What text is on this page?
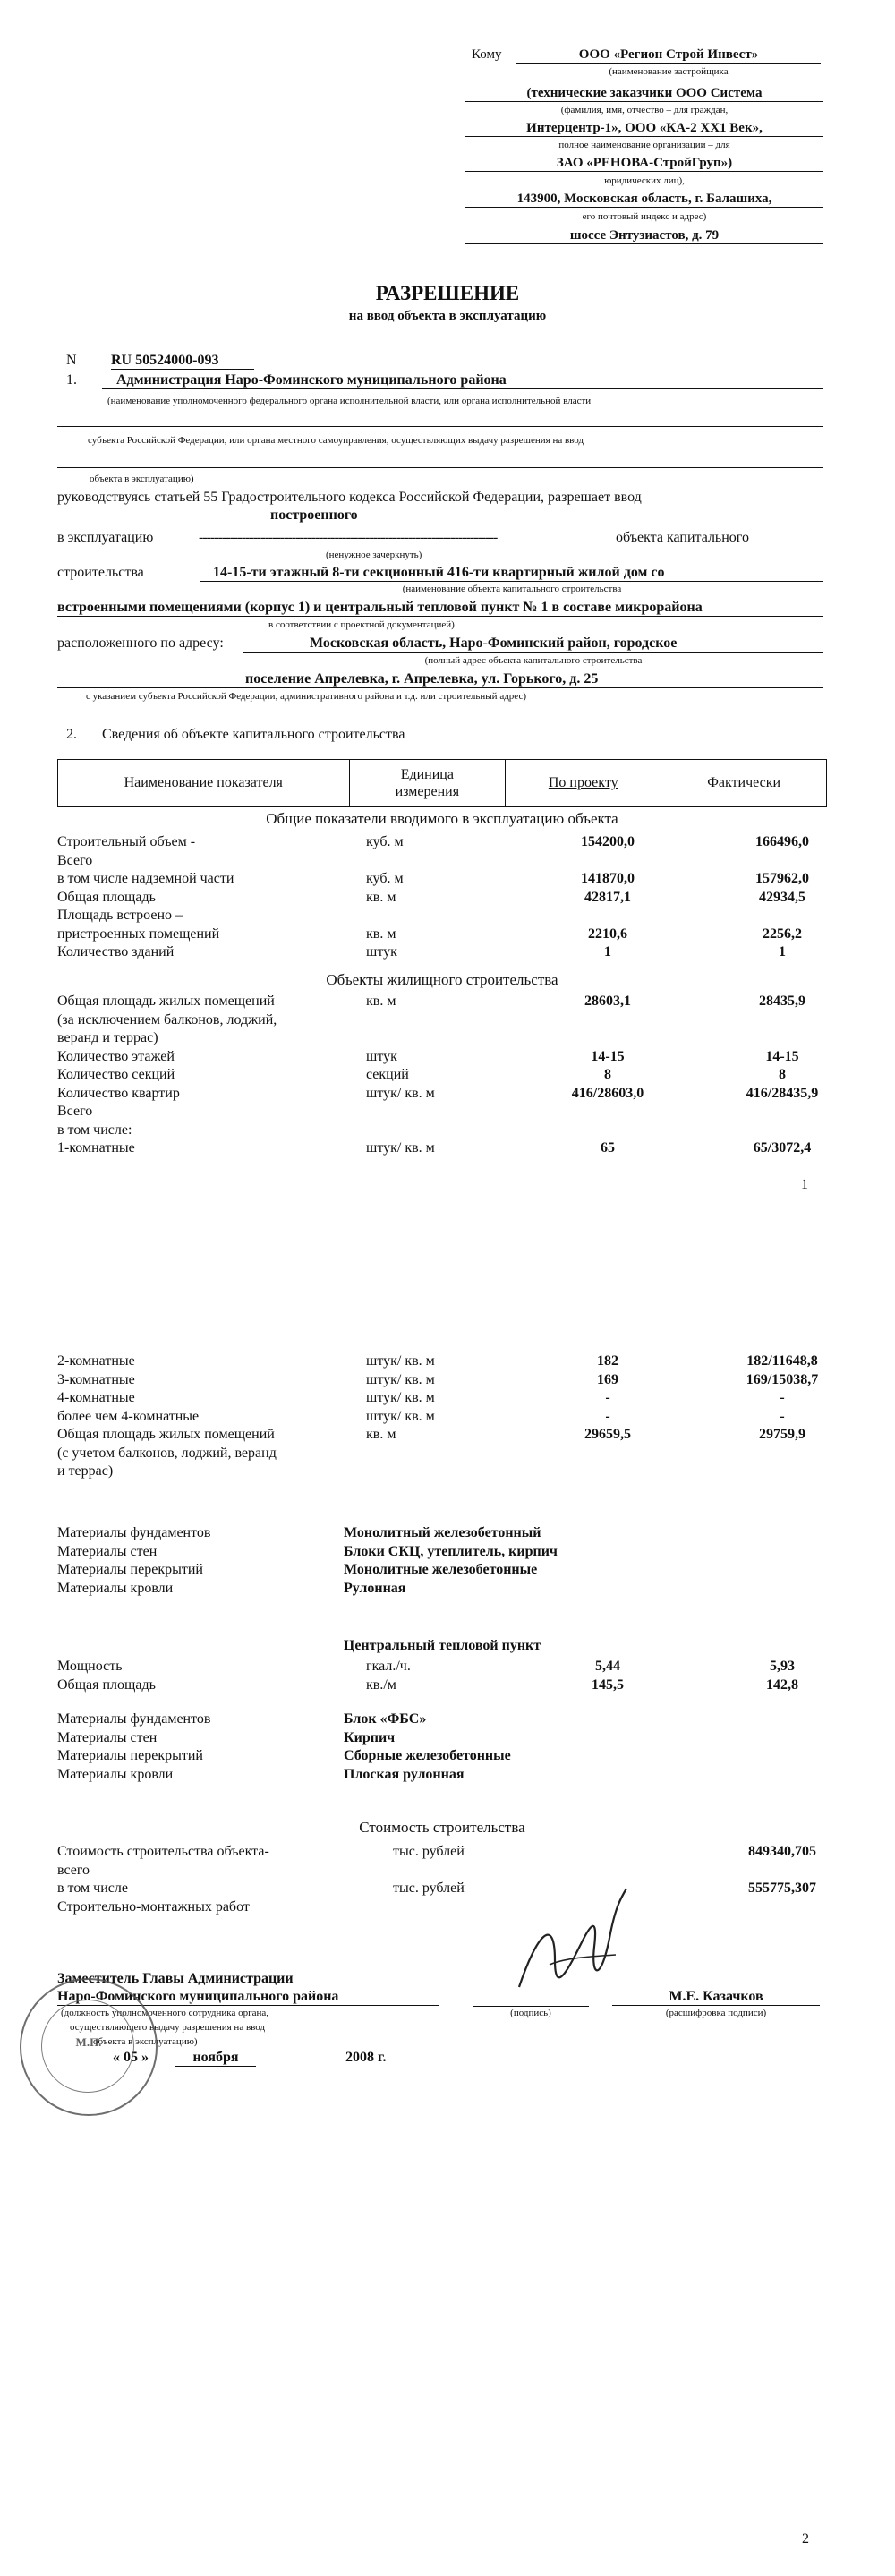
Кому	ООО «Регион Строй Инвест»
(наименование застройщика
(технические заказчики ООО Система
(фамилия, имя, отчество – для граждан,
Интерцентр-1», ООО «КА-2 XX1 Век»,
полное наименование организации – для
ЗАО «РЕНОВА-СтройГруп»)
юридических лиц),
143900, Московская область, г. Балашиха,
его почтовый индекс и адрес)
шоссе Энтузиастов, д. 79
РАЗРЕШЕНИЕ
на ввод объекта в эксплуатацию
N RU 50524000-093
1.	Администрация Наро-Фоминского муниципального района
(наименование уполномоченного федерального органа исполнительной власти, или органа исполнительной власти
субъекта Российской Федерации, или органа местного самоуправления, осуществляющих выдачу разрешения на ввод
объекта в эксплуатацию)
руководствуясь статьей 55 Градостроительного кодекса Российской Федерации, разрешает ввод
построенного
в эксплуатацию	-----------------------------------------------------------------------------	объекта капитального
(ненужное зачеркнуть)
строительства	14-15-ти этажный 8-ти секционный 416-ти квартирный жилой дом со
(наименование объекта капитального строительства
встроенными помещениями (корпус 1) и центральный тепловой пункт № 1 в составе микрорайона
в соответствии с проектной документацией)
расположенного по адресу:	Московская область, Наро-Фоминский район, городское
(полный адрес объекта капитального строительства
поселение Апрелевка, г. Апрелевка, ул. Горького, д. 25
с указанием субъекта Российской Федерации, административного района и т.д. или строительный адрес)
2. Сведения об объекте капитального строительства
Наименование показателя	Единица
измерения	По проекту	Фактически
Общие показатели вводимого в эксплуатацию объекта
Строительный объем -	куб. м	154200,0	166496,0
Всего
в том числе надземной части	куб. м	141870,0	157962,0
Общая площадь	кв. м	42817,1	42934,5
Площадь встроено –
пристроенных помещений	кв. м	2210,6	2256,2
Количество зданий	штук	1	1
Объекты жилищного строительства
Общая площадь жилых помещений	кв. м	28603,1	28435,9
(за исключением балконов, лоджий,
веранд и террас)
Количество этажей	штук	14-15	14-15
Количество секций	секций	8	8
Количество квартир	штук/ кв. м	416/28603,0	416/28435,9
Всего
в том числе:
1-комнатные	штук/ кв. м	65	65/3072,4
1
2-комнатные	штук/ кв. м	182	182/11648,8
3-комнатные	штук/ кв. м	169	169/15038,7
4-комнатные	штук/ кв. м	-	-
более чем 4-комнатные	штук/ кв. м	-	-
Общая площадь жилых помещений	кв. м	29659,5	29759,9
(с учетом балконов, лоджий, веранд
и террас)
Материалы фундаментов	Монолитный железобетонный
Материалы стен	Блоки СКЦ, утеплитель, кирпич
Материалы перекрытий	Монолитные железобетонные
Материалы кровли	Рулонная
Центральный тепловой пункт
Мощность	гкал./ч.	5,44	5,93
Общая площадь	кв./м	145,5	142,8
Материалы фундаментов	Блок «ФБС»
Материалы стен	Кирпич
Материалы перекрытий	Сборные железобетонные
Материалы кровли	Плоская рулонная
Стоимость строительства
Стоимость строительства объекта-	тыс. рублей	849340,705
всего
в том числе	тыс. рублей	555775,307
Строительно-монтажных работ
Заместитель Главы Администрации
Наро-Фоминского муниципального района
(должность уполномоченного сотрудника органа,
осуществляющего выдачу разрешения на ввод
объекта в эксплуатацию)
(подпись)
М.Е. Казачков
(расшифровка подписи)
« 05 »	ноября	2008 г.
М.П.
2
